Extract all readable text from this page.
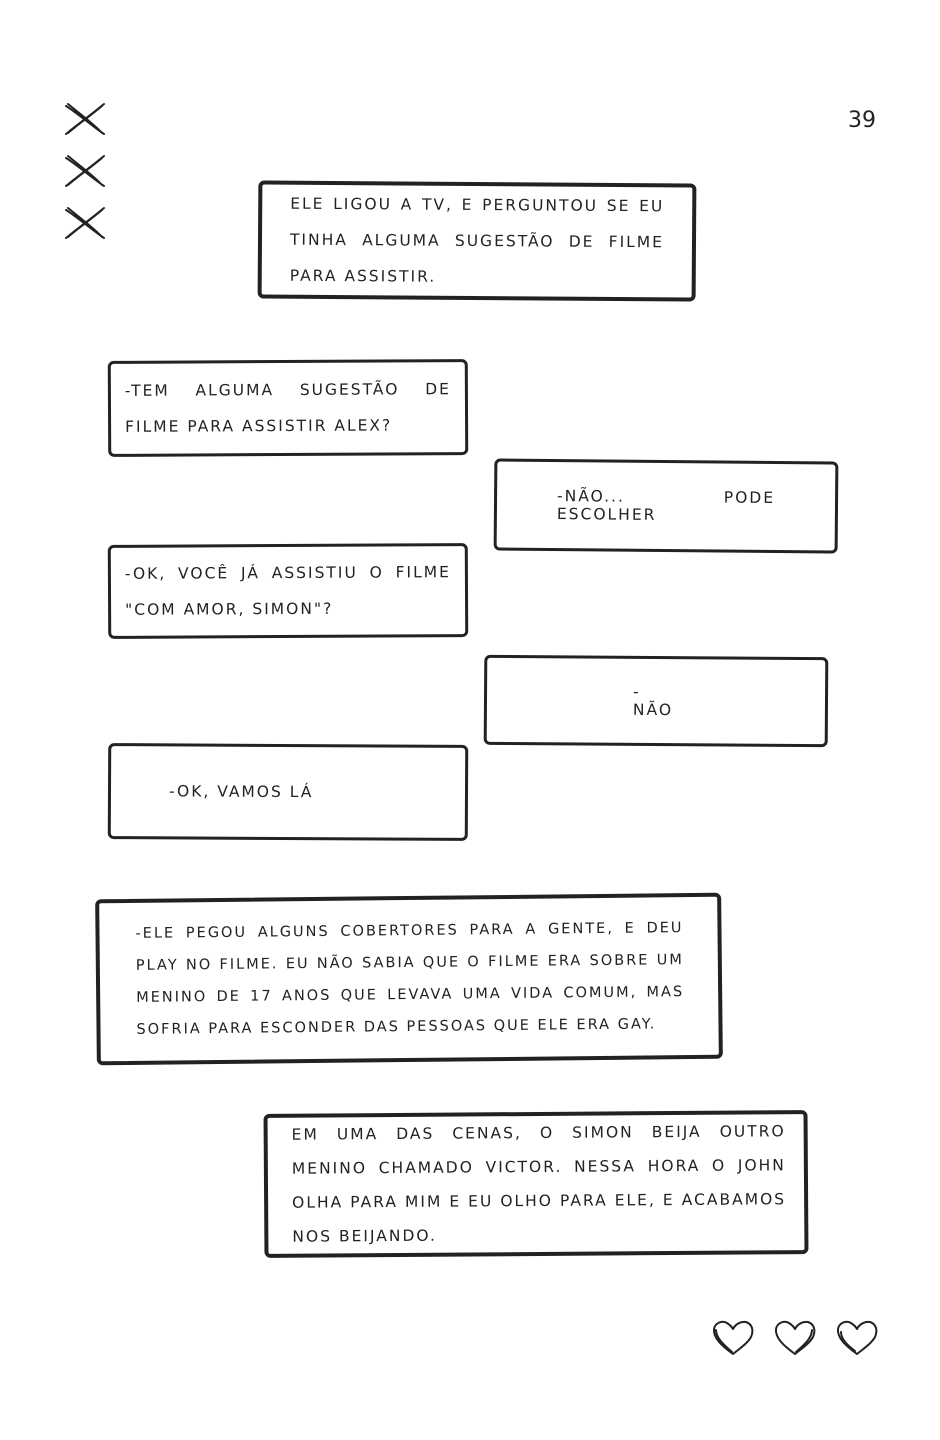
39

ELE LIGOU A TV, E PERGUNTOU SE EU TINHA ALGUMA SUGESTÃO DE FILME PARA ASSISTIR.

-TEM ALGUMA SUGESTÃO DE FILME PARA ASSISTIR ALEX?

-NÃO... PODE ESCOLHER

-OK, VOCÊ JÁ ASSISTIU O FILME "COM AMOR, SIMON"?

-NÃO

-OK, VAMOS LÁ

-ELE PEGOU ALGUNS COBERTORES PARA A GENTE, E DEU PLAY NO FILME. EU NÃO SABIA QUE O FILME ERA SOBRE UM MENINO DE 17 ANOS QUE LEVAVA UMA VIDA COMUM, MAS SOFRIA PARA ESCONDER DAS PESSOAS QUE ELE ERA GAY.

EM UMA DAS CENAS, O SIMON BEIJA OUTRO MENINO CHAMADO VICTOR. NESSA HORA O JOHN OLHA PARA MIM E EU OLHO PARA ELE, E ACABAMOS NOS BEIJANDO.
